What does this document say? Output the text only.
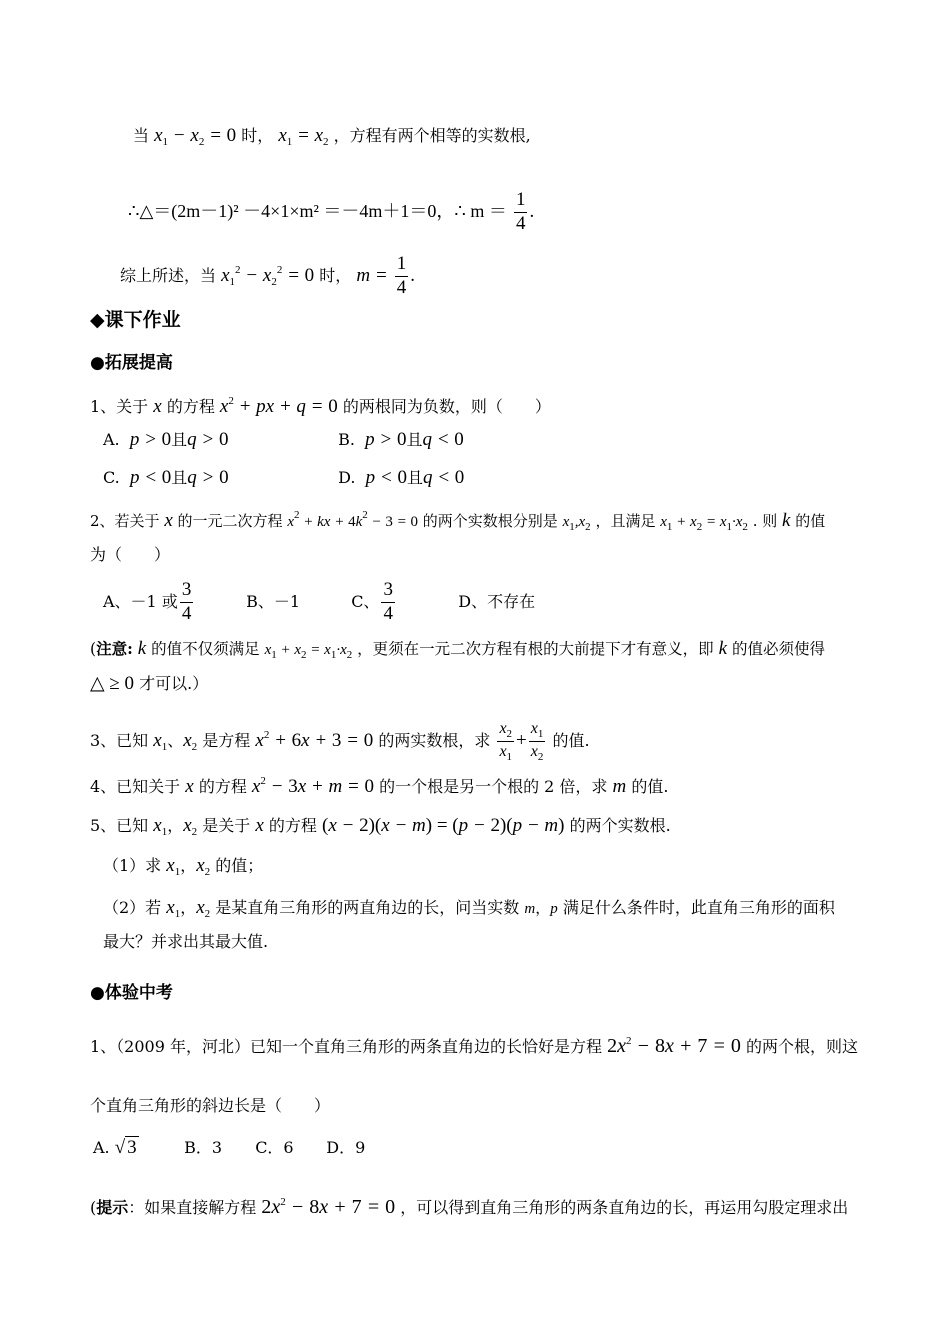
当 $x_1 - x_2 = 0$ 时， $x_1 = x_2$ ，方程有两个相等的实数根,
∴△＝(2m－1)² －4×1×m² ＝－4m＋1＝0，∴ $m = \frac{1}{4}$ .
综上所述，当 $x_1^2 - x_2^2 = 0$ 时， $m = \frac{1}{4}$ .
◆课下作业
●拓展提高
1、关于 x 的方程 $x^2$ + px + q = 0 的两根同为负数，则（　　）
A. p > 0且q > 0	B. p > 0且q < 0
C. p < 0且q > 0	D. p < 0且q < 0
2、若关于 x 的一元二次方程 $x^2$ + kx + $4k^2 - 3 = 0$ 的两个实数根分别是 $x_1,x_2$ ，且满足 $x_1 + x_2 = x_1\cdot x_2$ . 则 k 的值
为（　　）
A、－1 或 $\frac{3}{4}$	B、－1	C、 $\frac{3}{4}$	D、不存在
(注意: k 的值不仅须满足 $x_1 + x_2 = x_1\cdot x_2$ ，更须在一元二次方程有根的大前提下才有意义，即 k 的值必须使得
△ ≥ 0 才可以.）
3、已知 $x_1$、$x_2$ 是方程 $x^2 + 6x + 3 = 0$ 的两实数根，求 $\frac{x_2}{x_1} + \frac{x_1}{x_2}$ 的值.
4、已知关于 x 的方程 $x^2 - 3x + m = 0$ 的一个根是另一个根的 2 倍，求 m 的值.
5、已知 $x_1$，$x_2$ 是关于 x 的方程 (x − 2)(x − m) = (p − 2)(p − m) 的两个实数根.
（1）求 $x_1$，$x_2$ 的值；
（2）若 $x_1$，$x_2$ 是某直角三角形的两直角边的长，问当实数 m，p 满足什么条件时，此直角三角形的面积
最大？并求出其最大值.
●体验中考
1、（2009 年，河北）已知一个直角三角形的两条直角边的长恰好是方程 $2x^2 - 8x + 7 = 0$ 的两个根，则这
个直角三角形的斜边长是（　　）
A. √ 3	B．3 C．6 D．9
(提示：如果直接解方程 $2x^2 - 8x + 7 = 0$ ，可以得到直角三角形的两条直角边的长，再运用勾股定理求出
